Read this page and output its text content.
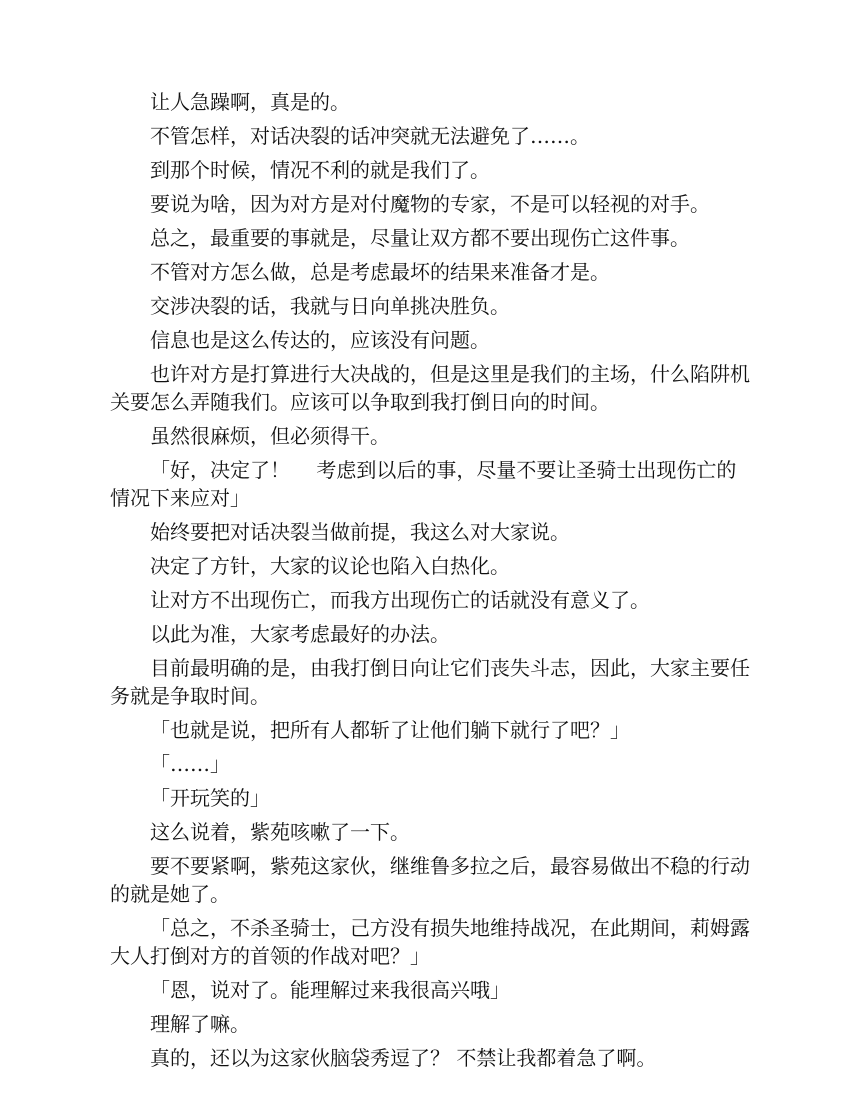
让人急躁啊，真是的。

不管怎样，对话决裂的话冲突就无法避免了……。

到那个时候，情况不利的就是我们了。

要说为啥，因为对方是对付魔物的专家，不是可以轻视的对手。

总之，最重要的事就是，尽量让双方都不要出现伤亡这件事。

不管对方怎么做，总是考虑最坏的结果来准备才是。

交涉决裂的话，我就与日向单挑决胜负。

信息也是这么传达的，应该没有问题。

也许对方是打算进行大决战的，但是这里是我们的主场，什么陷阱机关要怎么弄随我们。应该可以争取到我打倒日向的时间。

虽然很麻烦，但必须得干。

「好，决定了！　 考虑到以后的事，尽量不要让圣骑士出现伤亡的情况下来应对」

始终要把对话决裂当做前提，我这么对大家说。

决定了方针，大家的议论也陷入白热化。

让对方不出现伤亡，而我方出现伤亡的话就没有意义了。

以此为准，大家考虑最好的办法。

目前最明确的是，由我打倒日向让它们丧失斗志，因此，大家主要任务就是争取时间。

「也就是说，把所有人都斩了让他们躺下就行了吧？」

「……」

「开玩笑的」

这么说着，紫苑咳嗽了一下。

要不要紧啊，紫苑这家伙，继维鲁多拉之后，最容易做出不稳的行动的就是她了。

「总之，不杀圣骑士，己方没有损失地维持战况，在此期间，莉姆露大人打倒对方的首领的作战对吧？」

「恩，说对了。能理解过来我很高兴哦」

理解了嘛。

真的，还以为这家伙脑袋秀逗了？ 不禁让我都着急了啊。
